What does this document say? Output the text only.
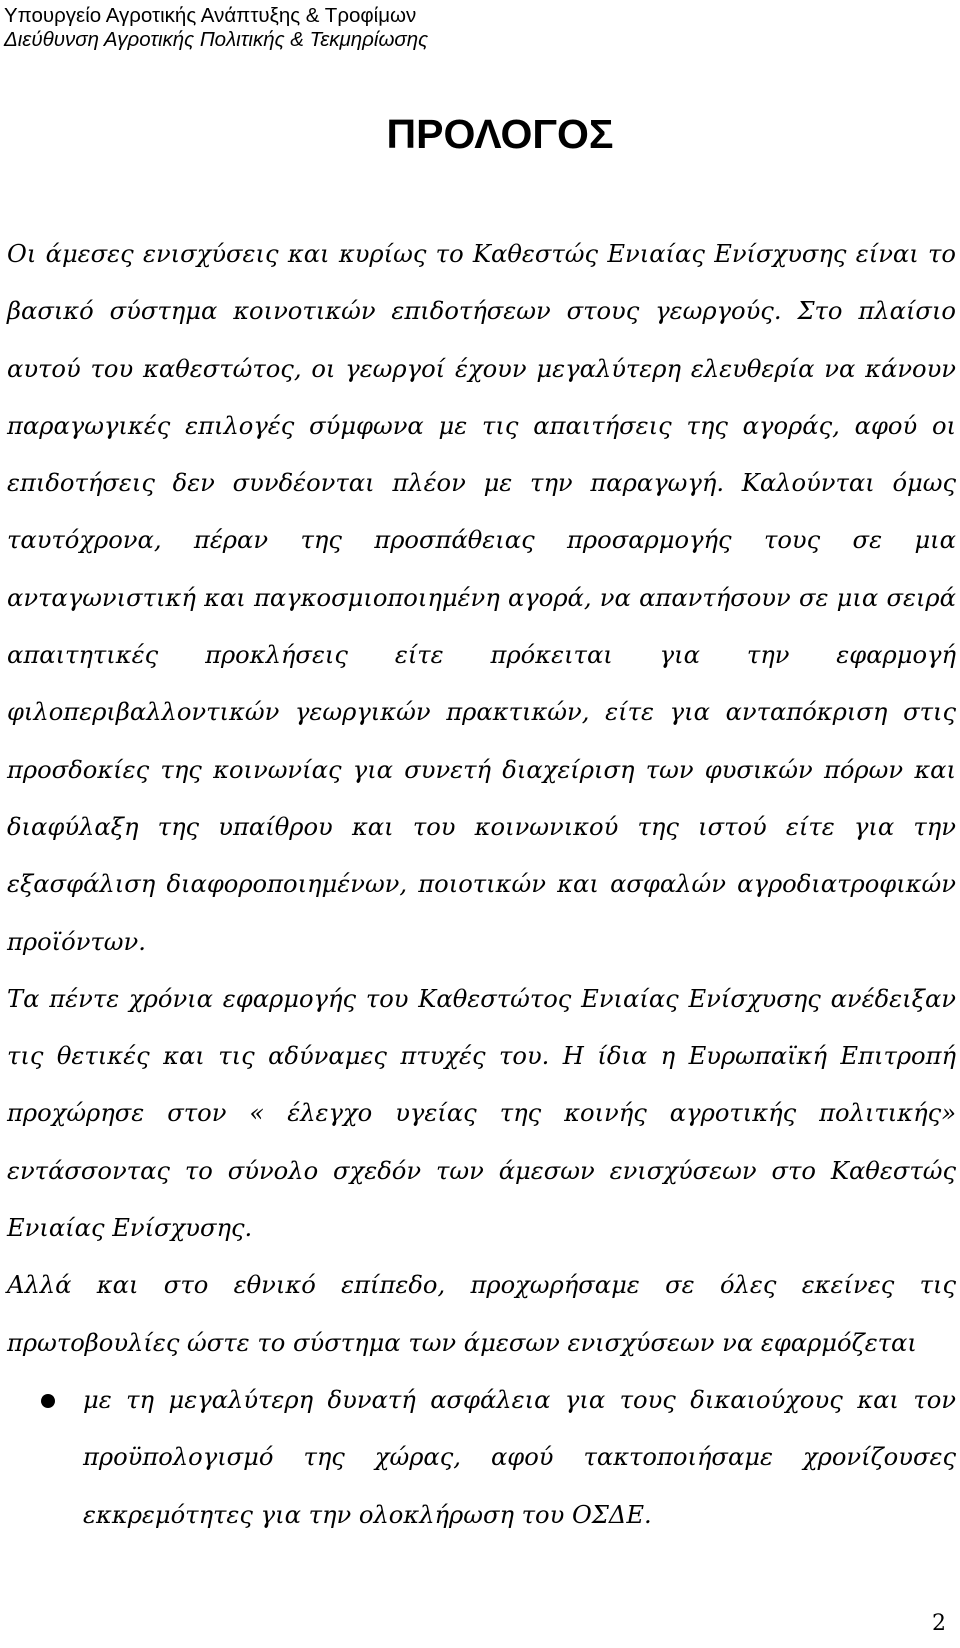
Υπουργείο Αγροτικής Ανάπτυξης & Τροφίμων
Διεύθυνση Αγροτικής Πολιτικής & Τεκμηρίωσης
ΠΡΟΛΟΓΟΣ

Οι άμεσες ενισχύσεις και κυρίως το Καθεστώς Ενιαίας Ενίσχυσης είναι το βασικό σύστημα κοινοτικών επιδοτήσεων στους γεωργούς. Στο πλαίσιο αυτού του καθεστώτος, οι γεωργοί έχουν μεγαλύτερη ελευθερία να κάνουν παραγωγικές επιλογές σύμφωνα με τις απαιτήσεις της αγοράς, αφού οι επιδοτήσεις δεν συνδέονται πλέον με την παραγωγή. Καλούνται όμως ταυτόχρονα, πέραν της προσπάθειας προσαρμογής τους σε μια ανταγωνιστική και παγκοσμιοποιημένη αγορά, να απαντήσουν σε μια σειρά απαιτητικές προκλήσεις είτε πρόκειται για την εφαρμογή φιλοπεριβαλλοντικών γεωργικών πρακτικών, είτε για ανταπόκριση στις προσδοκίες της κοινωνίας για συνετή διαχείριση των φυσικών πόρων και διαφύλαξη της υπαίθρου και του κοινωνικού της ιστού είτε για την εξασφάλιση διαφοροποιημένων, ποιοτικών και ασφαλών αγροδιατροφικών προϊόντων.

Τα πέντε χρόνια εφαρμογής του Καθεστώτος Ενιαίας Ενίσχυσης ανέδειξαν τις θετικές και τις αδύναμες πτυχές του. Η ίδια η Ευρωπαϊκή Επιτροπή προχώρησε στον « έλεγχο υγείας της κοινής αγροτικής πολιτικής» εντάσσοντας το σύνολο σχεδόν των άμεσων ενισχύσεων στο Καθεστώς Ενιαίας Ενίσχυσης.

Αλλά και στο εθνικό επίπεδο, προχωρήσαμε σε όλες εκείνες τις πρωτοβουλίες ώστε το σύστημα των άμεσων ενισχύσεων να εφαρμόζεται

με τη μεγαλύτερη δυνατή ασφάλεια για τους δικαιούχους και τον προϋπολογισμό της χώρας, αφού τακτοποιήσαμε χρονίζουσες εκκρεμότητες για την ολοκλήρωση του ΟΣΔΕ.
2
